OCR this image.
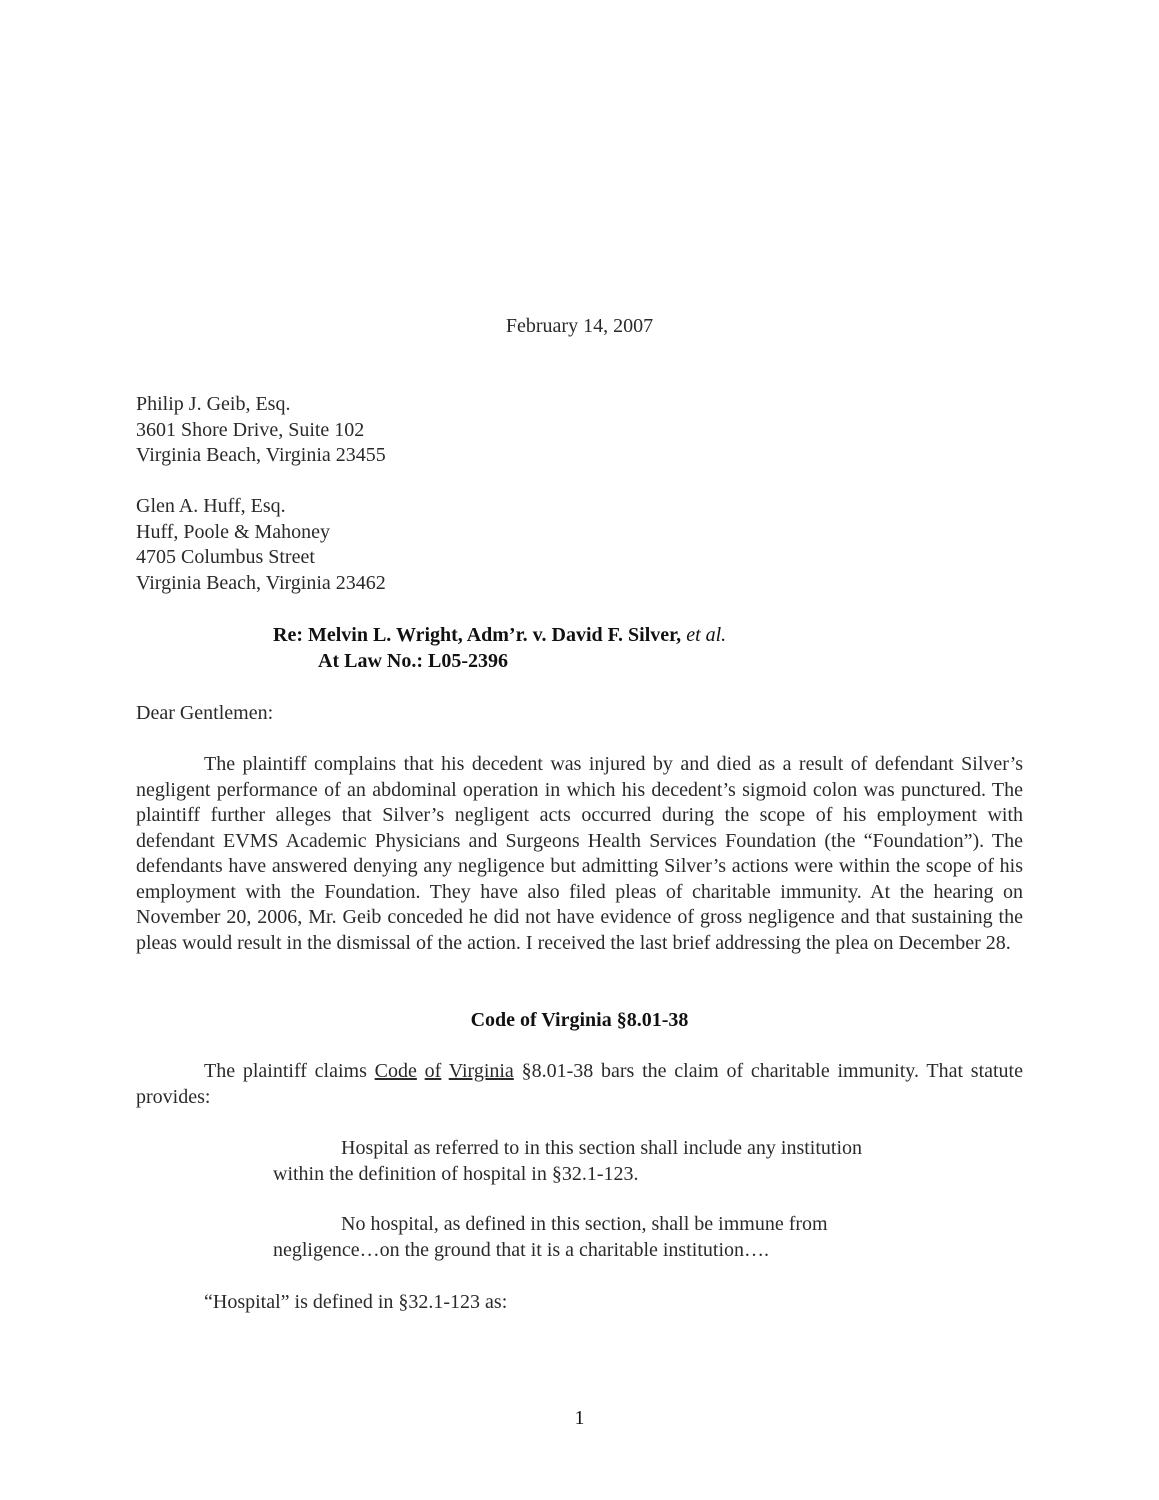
February 14, 2007
Philip J. Geib, Esq.
3601 Shore Drive, Suite 102
Virginia Beach, Virginia 23455
Glen A. Huff, Esq.
Huff, Poole & Mahoney
4705 Columbus Street
Virginia Beach, Virginia 23462
Re: Melvin L. Wright, Adm’r. v. David F. Silver, et al.
At Law No.: L05-2396
Dear Gentlemen:
The plaintiff complains that his decedent was injured by and died as a result of defendant Silver’s negligent performance of an abdominal operation in which his decedent’s sigmoid colon was punctured. The plaintiff further alleges that Silver’s negligent acts occurred during the scope of his employment with defendant EVMS Academic Physicians and Surgeons Health Services Foundation (the “Foundation”). The defendants have answered denying any negligence but admitting Silver’s actions were within the scope of his employment with the Foundation. They have also filed pleas of charitable immunity. At the hearing on November 20, 2006, Mr. Geib conceded he did not have evidence of gross negligence and that sustaining the pleas would result in the dismissal of the action. I received the last brief addressing the plea on December 28.
Code of Virginia §8.01-38
The plaintiff claims Code of Virginia §8.01-38 bars the claim of charitable immunity. That statute provides:
Hospital as referred to in this section shall include any institution within the definition of hospital in §32.1-123.
No hospital, as defined in this section, shall be immune from negligence…on the ground that it is a charitable institution….
“Hospital” is defined in §32.1-123 as:
1
